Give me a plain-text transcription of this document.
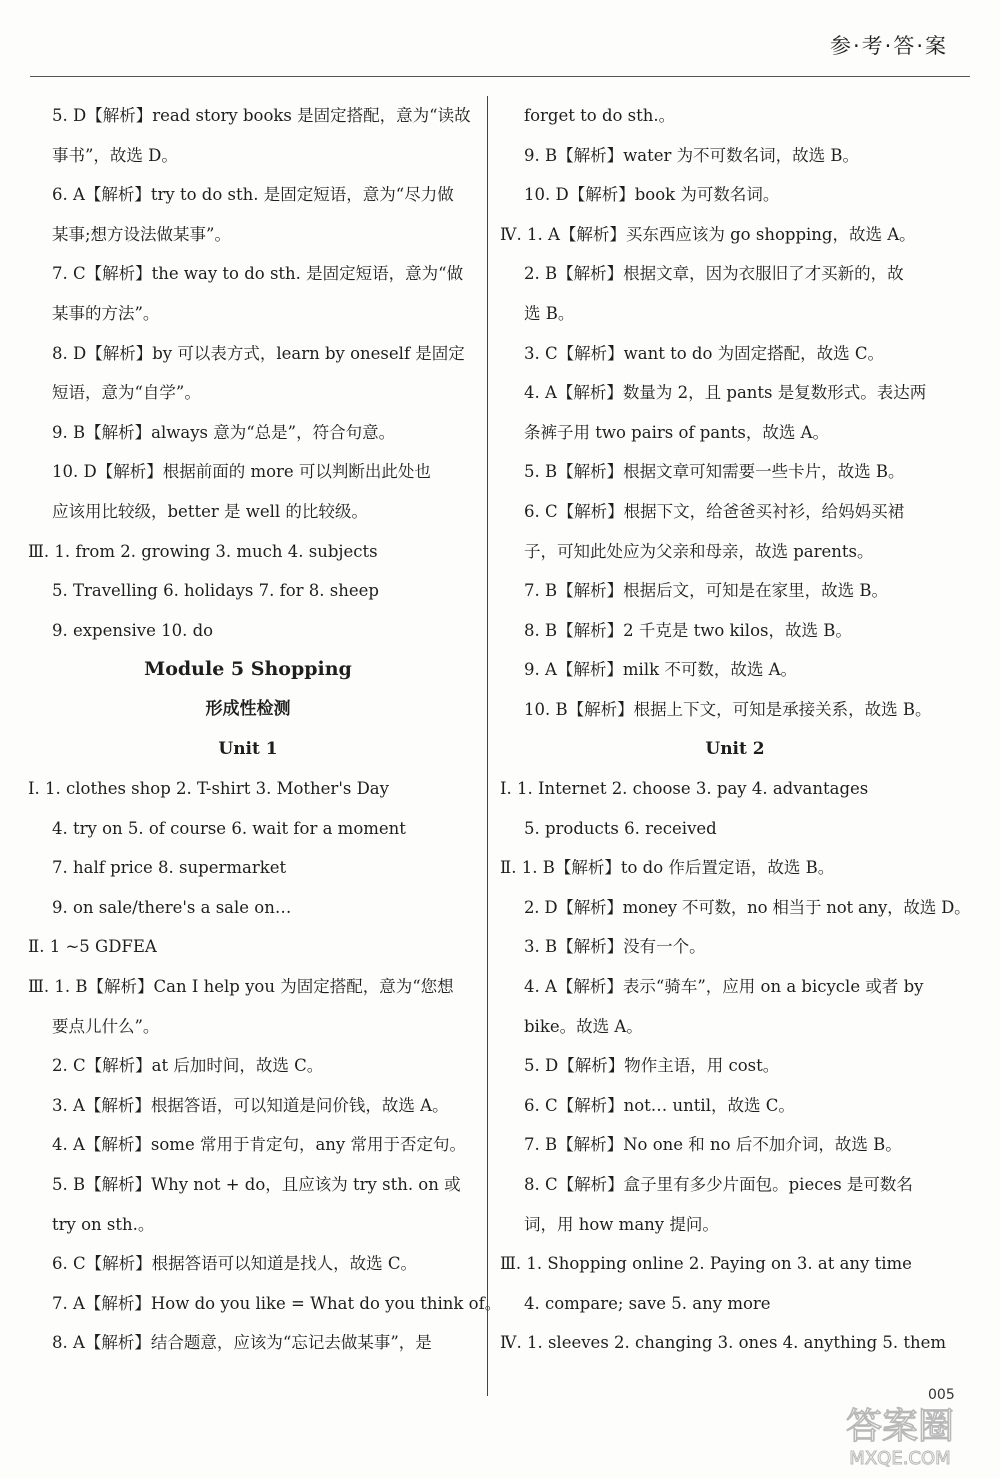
参·考·答·案
5. D【解析】read story books 是固定搭配，意为“读故
事书”，故选 D。
6. A【解析】try to do sth. 是固定短语，意为“尽力做
某事;想方设法做某事”。
7. C【解析】the way to do sth. 是固定短语，意为“做
某事的方法”。
8. D【解析】by 可以表方式，learn by oneself 是固定
短语，意为“自学”。
9. B【解析】always 意为“总是”，符合句意。
10. D【解析】根据前面的 more 可以判断出此处也
应该用比较级，better 是 well 的比较级。
Ⅲ. 1. from 2. growing 3. much 4. subjects
5. Travelling 6. holidays 7. for 8. sheep
9. expensive 10. do
Module 5 Shopping
形成性检测
Unit 1
Ⅰ. 1. clothes shop 2. T-shirt 3. Mother's Day
4. try on 5. of course 6. wait for a moment
7. half price 8. supermarket
9. on sale/there's a sale on…
Ⅱ. 1 ~5 GDFEA
Ⅲ. 1. B【解析】Can I help you 为固定搭配，意为“您想
要点儿什么”。
2. C【解析】at 后加时间，故选 C。
3. A【解析】根据答语，可以知道是问价钱，故选 A。
4. A【解析】some 常用于肯定句，any 常用于否定句。
5. B【解析】Why not + do，且应该为 try sth. on 或
try on sth.。
6. C【解析】根据答语可以知道是找人，故选 C。
7. A【解析】How do you like = What do you think of。
8. A【解析】结合题意，应该为“忘记去做某事”，是
forget to do sth.。
9. B【解析】water 为不可数名词，故选 B。
10. D【解析】book 为可数名词。
Ⅳ. 1. A【解析】买东西应该为 go shopping，故选 A。
2. B【解析】根据文章，因为衣服旧了才买新的，故
选 B。
3. C【解析】want to do 为固定搭配，故选 C。
4. A【解析】数量为 2，且 pants 是复数形式。表达两
条裤子用 two pairs of pants，故选 A。
5. B【解析】根据文章可知需要一些卡片，故选 B。
6. C【解析】根据下文，给爸爸买衬衫，给妈妈买裙
子，可知此处应为父亲和母亲，故选 parents。
7. B【解析】根据后文，可知是在家里，故选 B。
8. B【解析】2 千克是 two kilos，故选 B。
9. A【解析】milk 不可数，故选 A。
10. B【解析】根据上下文，可知是承接关系，故选 B。
Unit 2
Ⅰ. 1. Internet 2. choose 3. pay 4. advantages
5. products 6. received
Ⅱ. 1. B【解析】to do 作后置定语，故选 B。
2. D【解析】money 不可数，no 相当于 not any，故选 D。
3. B【解析】没有一个。
4. A【解析】表示“骑车”，应用 on a bicycle 或者 by
bike。故选 A。
5. D【解析】物作主语，用 cost。
6. C【解析】not… until，故选 C。
7. B【解析】No one 和 no 后不加介词，故选 B。
8. C【解析】盒子里有多少片面包。pieces 是可数名
词，用 how many 提问。
Ⅲ. 1. Shopping online 2. Paying on 3. at any time
4. compare; save 5. any more
Ⅳ. 1. sleeves 2. changing 3. ones 4. anything 5. them
005
答案圈
MXQE.COM
